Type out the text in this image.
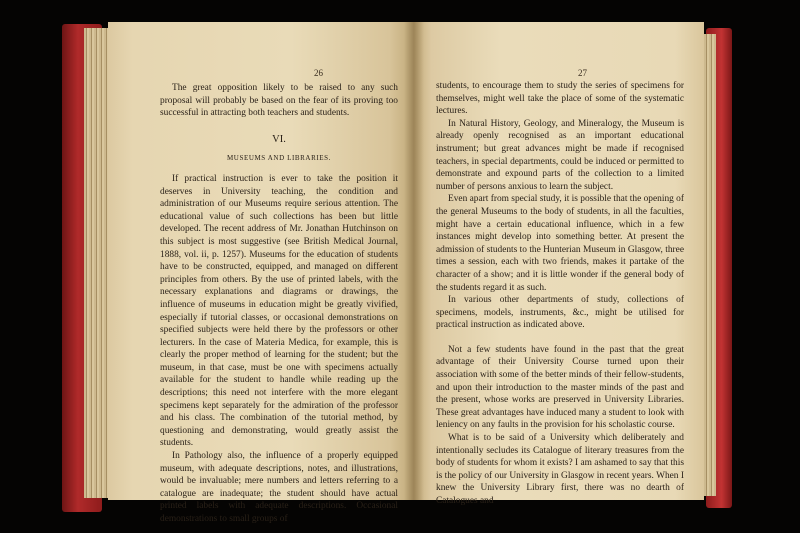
26

The great opposition likely to be raised to any such proposal will probably be based on the fear of its proving too successful in attracting both teachers and students.

VI.
MUSEUMS AND LIBRARIES.

If practical instruction is ever to take the position it deserves in University teaching, the condition and administration of our Museums require serious attention. The educational value of such collections has been but little developed. The recent address of Mr. Jonathan Hutchinson on this subject is most suggestive (see British Medical Journal, 1888, vol. ii, p. 1257). Museums for the education of students have to be constructed, equipped, and managed on different principles from others. By the use of printed labels, with the necessary explanations and diagrams or drawings, the influence of museums in education might be greatly vivified, especially if tutorial classes, or occasional demonstrations on specified subjects were held there by the professors or other lecturers. In the case of Materia Medica, for example, this is clearly the proper method of learning for the student; but the museum, in that case, must be one with specimens actually available for the student to handle while reading up the descriptions; this need not interfere with the more elegant specimens kept separately for the admiration of the professor and his class. The combination of the tutorial method, by questioning and demonstrating, would greatly assist the students.

In Pathology also, the influence of a properly equipped museum, with adequate descriptions, notes, and illustrations, would be invaluable; mere numbers and letters referring to a catalogue are inadequate; the student should have actual printed labels with adequate descriptions. Occasional demonstrations to small groups of

27

students, to encourage them to study the series of specimens for themselves, might well take the place of some of the systematic lectures.

In Natural History, Geology, and Mineralogy, the Museum is already openly recognised as an important educational instrument; but great advances might be made if recognised teachers, in special departments, could be induced or permitted to demonstrate and expound parts of the collection to a limited number of persons anxious to learn the subject.

Even apart from special study, it is possible that the opening of the general Museums to the body of students, in all the faculties, might have a certain educational influence, which in a few instances might develop into something better. At present the admission of students to the Hunterian Museum in Glasgow, three times a session, each with two friends, makes it partake of the character of a show; and it is little wonder if the general body of the students regard it as such.

In various other departments of study, collections of specimens, models, instruments, &c., might be utilised for practical instruction as indicated above.

Not a few students have found in the past that the great advantage of their University Course turned upon their association with some of the better minds of their fellow-students, and upon their introduction to the master minds of the past and the present, whose works are preserved in University Libraries. These great advantages have induced many a student to look with leniency on any faults in the provision for his scholastic course.

What is to be said of a University which deliberately and intentionally secludes its Catalogue of literary treasures from the body of students for whom it exists? I am ashamed to say that this is the policy of our University in Glasgow in recent years. When I knew the University Library first, there was no dearth of Catalogues and
